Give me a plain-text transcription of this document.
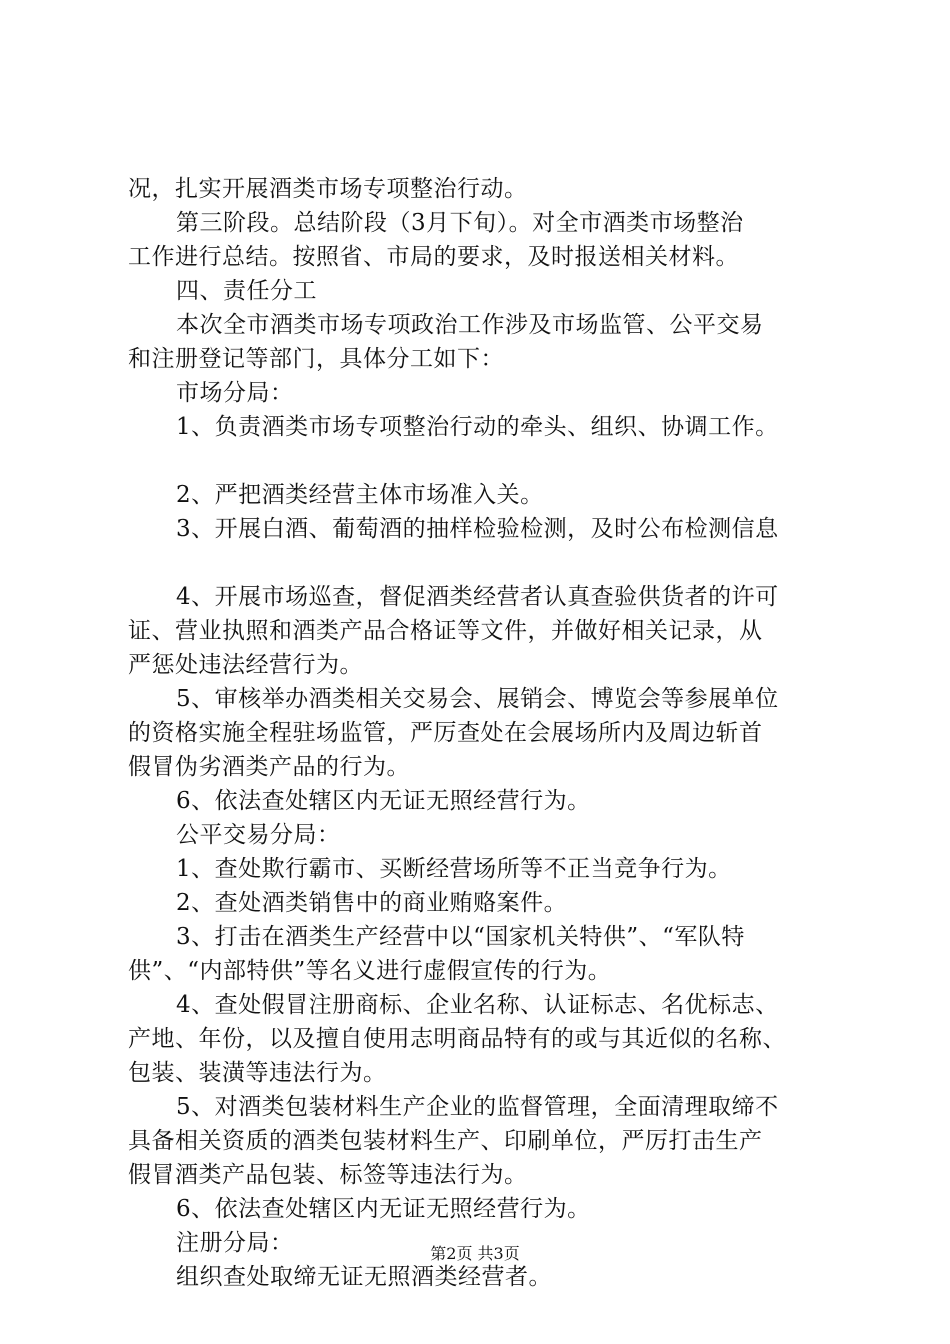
况，扎实开展酒类市场专项整治行动。
第三阶段。总结阶段（3月下旬）。对全市酒类市场整治
工作进行总结。按照省、市局的要求，及时报送相关材料。
四、责任分工
本次全市酒类市场专项政治工作涉及市场监管、公平交易
和注册登记等部门，具体分工如下：
市场分局：
1、负责酒类市场专项整治行动的牵头、组织、协调工作。
2、严把酒类经营主体市场准入关。
3、开展白酒、葡萄酒的抽样检验检测，及时公布检测信息
4、开展市场巡查，督促酒类经营者认真查验供货者的许可
证、营业执照和酒类产品合格证等文件，并做好相关记录，从
严惩处违法经营行为。
5、审核举办酒类相关交易会、展销会、博览会等参展单位
的资格实施全程驻场监管，严厉查处在会展场所内及周边斩首
假冒伪劣酒类产品的行为。
6、依法查处辖区内无证无照经营行为。
公平交易分局：
1、查处欺行霸市、买断经营场所等不正当竞争行为。
2、查处酒类销售中的商业贿赂案件。
3、打击在酒类生产经营中以“国家机关特供”、“军队特
供”、“内部特供”等名义进行虚假宣传的行为。
4、查处假冒注册商标、企业名称、认证标志、名优标志、
产地、年份，以及擅自使用志明商品特有的或与其近似的名称、
包装、装潢等违法行为。
5、对酒类包装材料生产企业的监督管理，全面清理取缔不
具备相关资质的酒类包装材料生产、印刷单位，严厉打击生产
假冒酒类产品包装、标签等违法行为。
6、依法查处辖区内无证无照经营行为。
注册分局：
组织查处取缔无证无照酒类经营者。
第2页 共3页
